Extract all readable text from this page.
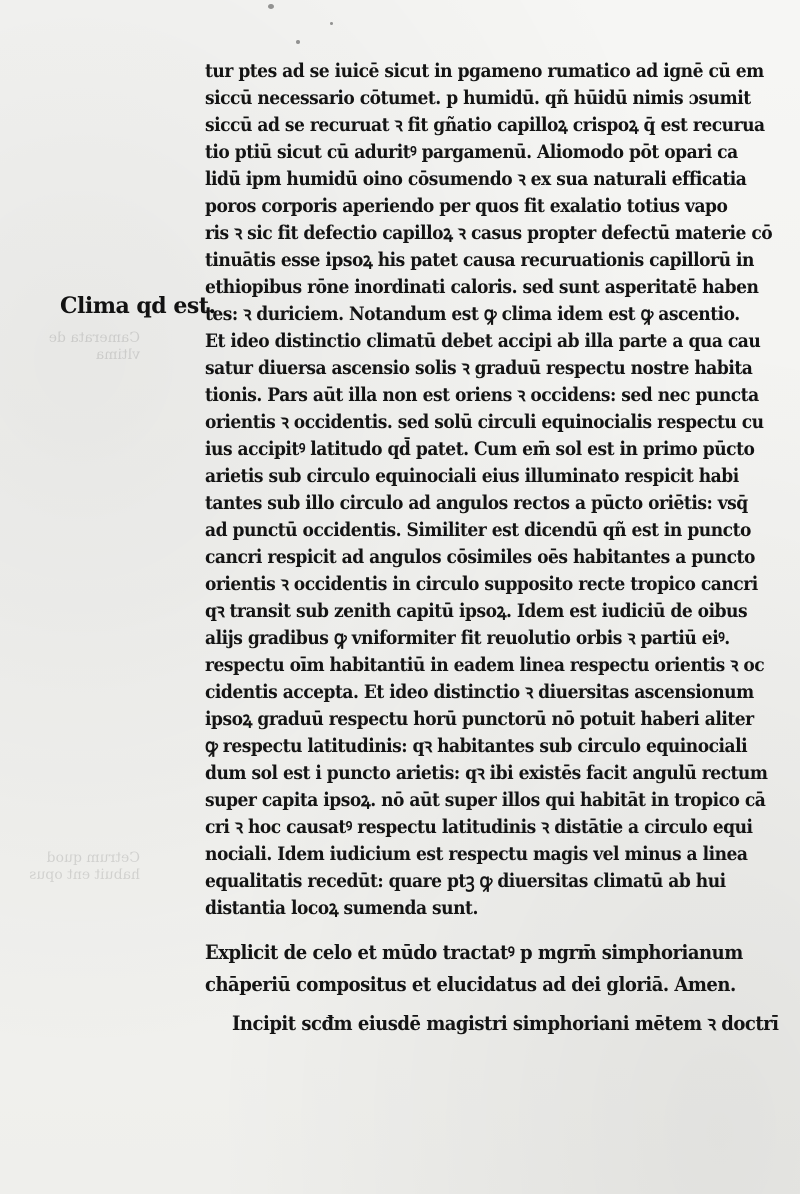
Camerata de vltima
Cetrum quod habuit ent opus
Clima qd est.
tur ptes ad se iuicē sicut in pgameno rumatico ad ignē cū em
siccū necessario cōtumet. p humidū. qñ hūidū nimis ɔsumit
siccū ad se recuruat ꝛ fit gñatio capilloꝝ crispoꝝ q̄ est recurua
tio ptiū sicut cū aduritꝰ pargamenū. Aliomodo pōt opari ca
lidū ipm humidū oino cōsumendo ꝛ ex sua naturali efficatia
poros corporis aperiendo per quos fit exalatio totius vapo
ris ꝛ sic fit defectio capilloꝝ ꝛ casus propter defectū materie cō
tinuātis esse ipsoꝝ his patet causa recuruationis capillorū in
ethiopibus rōne inordinati caloris. sed sunt asperitatē haben
tes: ꝛ duriciem. Notandum est ꝙ clima idem est ꝙ ascentio.
Et ideo distinctio climatū debet accipi ab illa parte a qua cau
satur diuersa ascensio solis ꝛ graduū respectu nostre habita
tionis. Pars aūt illa non est oriens ꝛ occidens: sed nec puncta
orientis ꝛ occidentis. sed solū circuli equinocialis respectu cu
ius accipitꝰ latitudo qd̄ patet. Cum em̄ sol est in primo pūcto
arietis sub circulo equinociali eius illuminato respicit habi
tantes sub illo circulo ad angulos rectos a pūcto oriētis: vsq̄
ad punctū occidentis. Similiter est dicendū qñ est in puncto
cancri respicit ad angulos cōsimiles oēs habitantes a puncto
orientis ꝛ occidentis in circulo supposito recte tropico cancri
qꝛ transit sub zenith capitū ipsoꝝ. Idem est iudiciū de oibus
alijs gradibus ꝙ vniformiter fit reuolutio orbis ꝛ partiū eiꝰ.
respectu oīm habitantiū in eadem linea respectu orientis ꝛ oc
cidentis accepta. Et ideo distinctio ꝛ diuersitas ascensionum
ipsoꝝ graduū respectu horū punctorū nō potuit haberi aliter
ꝙ respectu latitudinis: qꝛ habitantes sub circulo equinociali
dum sol est i puncto arietis: qꝛ ibi existēs facit angulū rectum
super capita ipsoꝝ. nō aūt super illos qui habitāt in tropico cā
cri ꝛ hoc causatꝰ respectu latitudinis ꝛ distātie a circulo equi
nociali. Idem iudicium est respectu magis vel minus a linea
equalitatis recedūt: quare ptꝫ ꝙ diuersitas climatū ab hui
distantia locoꝝ sumenda sunt.
Explicit de celo et mūdo tractatꝰ p mgrm̄ simphorianum
chāperiū compositus et elucidatus ad dei gloriā. Amen.
Incipit scđm eiusdē magistri simphoriani mētem ꝛ doctrī
